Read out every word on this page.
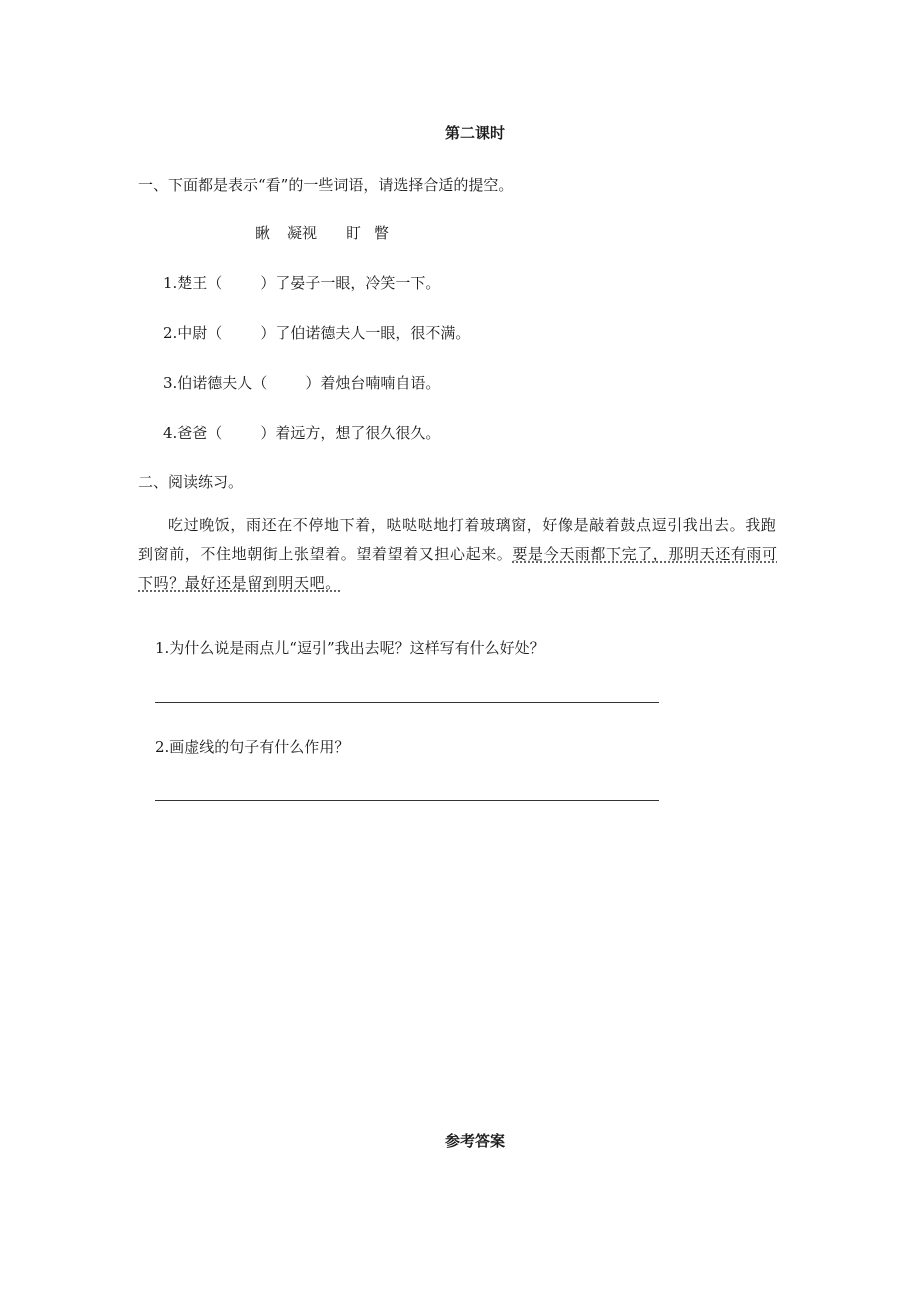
第二课时
一、下面都是表示“看”的一些词语，请选择合适的提空。
瞅 凝视 盯 瞥
1.楚王（	）了晏子一眼，冷笑一下。
2.中尉（	）了伯诺德夫人一眼，很不满。
3.伯诺德夫人（	）着烛台喃喃自语。
4.爸爸（	）着远方，想了很久很久。
二、阅读练习。
吃过晚饭，雨还在不停地下着，哒哒哒地打着玻璃窗，好像是敲着鼓点逗引我出去。我跑到窗前，不住地朝街上张望着。望着望着又担心起来。要是今天雨都下完了，那明天还有雨可下吗？最好还是留到明天吧。
1.为什么说是雨点儿“逗引”我出去呢？这样写有什么好处？
2.画虚线的句子有什么作用？
参考答案
